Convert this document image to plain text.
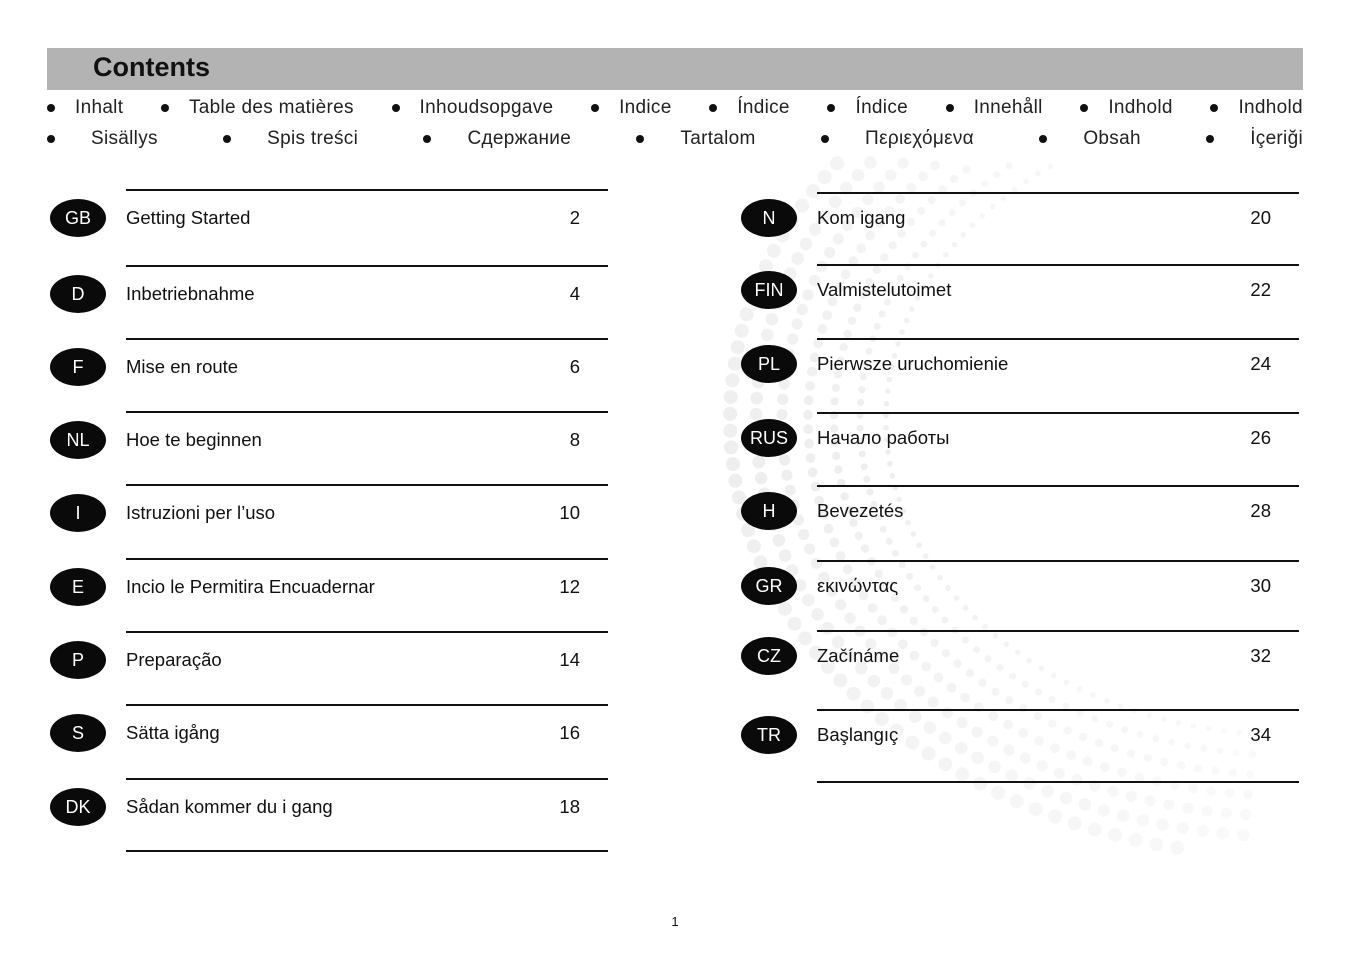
Contents
Inhalt	Table des matières	Inhoudsopgave	Indice	Índice	Índice	Innehåll	Indhold	Indhold
Sisällys	Spis treści	Сдержание	Tartalom	Περιεχόμενα	Obsah	İçeriği
GB	Getting Started	2
D	Inbetriebnahme	4
F	Mise en route	6
NL	Hoe te beginnen	8
I	Istruzioni per l’uso	10
E	Incio le Permitira Encuadernar	12
P	Preparação	14
S	Sätta igång	16
DK	Sådan kommer du i gang	18
N	Kom igang	20
FIN	Valmistelutoimet	22
PL	Pierwsze uruchomienie	24
RUS	Начало работы	26
H	Bevezetés	28
GR	εκινώντας	30
CZ	Začínáme	32
TR	Başlangıç	34
1
